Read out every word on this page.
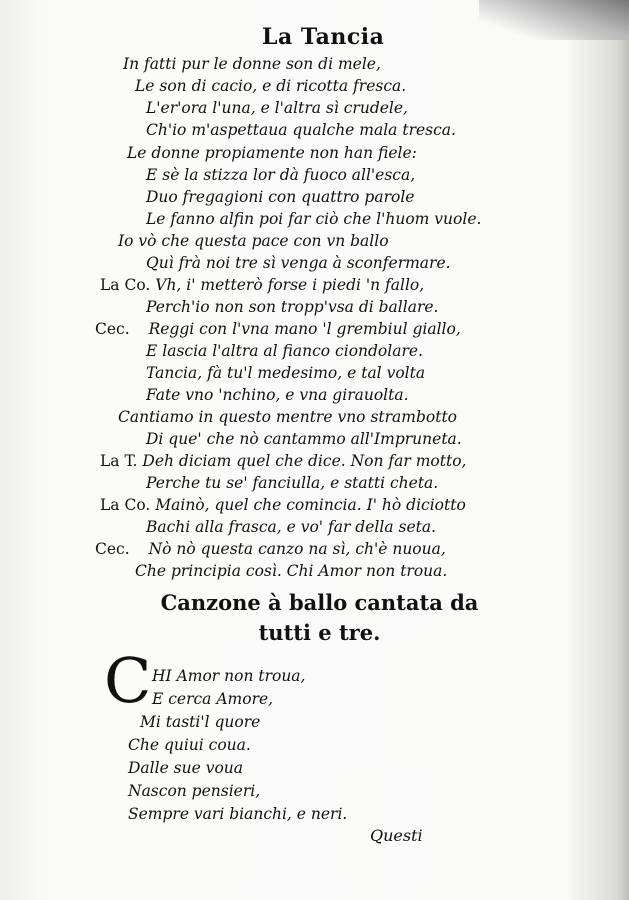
La Tancia
In fatti pur le donne son di mele,
Le son di cacio, e di ricotta fresca.
L'er'ora l'una, e l'altra sì crudele,
Ch'io m'aspettaua qualche mala tresca.
Le donne propiamente non han fiele:
E sè la stizza lor dà fuoco all'esca,
Duo fregagioni con quattro parole
Le fanno alfin poi far ciò che l'huom vuole.
Io vò che questa pace con vn ballo
Quì frà noi tre sì venga à sconfermare.
La Co. Vh, i' metterò forse i piedi 'n fallo,
Perch'io non son tropp'vsa di ballare.
Cec. Reggi con l'vna mano 'l grembiul giallo,
E lascia l'altra al fianco ciondolare.
Tancia, fà tu'l medesimo, e tal volta
Fate vno 'nchino, e vna girauolta.
Cantiamo in questo mentre vno strambotto
Di que' che nò cantammo all'Impruneta.
La T. Deh diciam quel che dice. Non far motto,
Perche tu se' fanciulla, e statti cheta.
La Co. Mainò, quel che comincia. I' hò diciotto
Bachi alla frasca, e vo' far della seta.
Cec. Nò nò questa canzo na sì, ch'è nuoua,
Che principia così. Chi Amor non troua.
Canzone à ballo cantata da
tutti e tre.
C HI Amor non troua,
E cerca Amore,
Mi tasti'l quore
Che quiui coua.
Dalle sue voua
Nascon pensieri,
Sempre vari bianchi, e neri.
Questi
